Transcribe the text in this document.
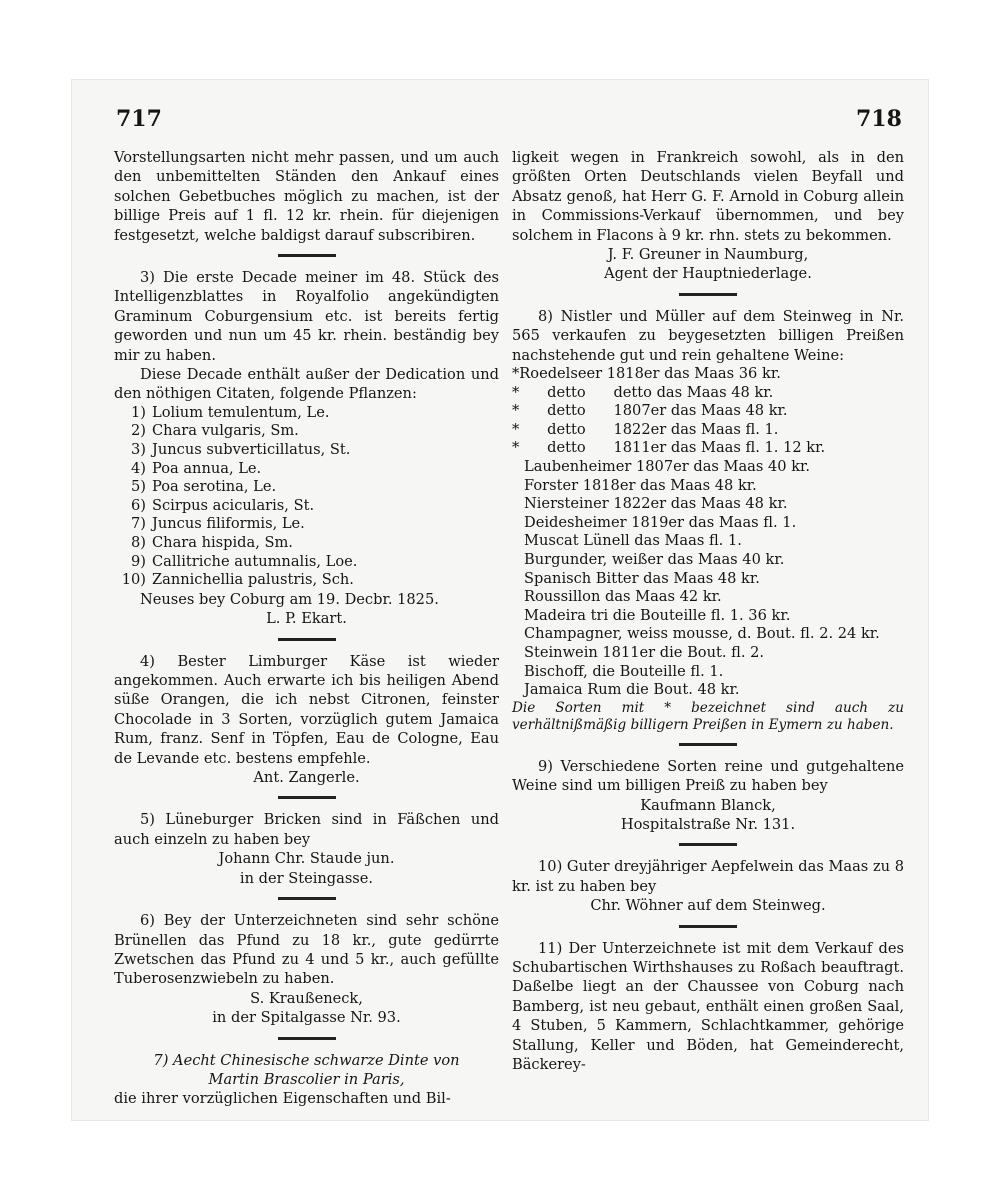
717	718

Vorstellungsarten nicht mehr passen, und um auch den unbemittelten Ständen den Ankauf eines solchen Gebetbuches möglich zu machen, ist der billige Preis auf 1 fl. 12 kr. rhein. für diejenigen festgesetzt, welche baldigst darauf subscribiren.

3) Die erste Decade meiner im 48. Stück des Intelligenzblattes in Royalfolio angekündigten Graminum Coburgensium etc. ist bereits fertig geworden und nun um 45 kr. rhein. beständig bey mir zu haben.

Diese Decade enthält außer der Dedication und den nöthigen Citaten, folgende Pflanzen:

1) Lolium temulentum, Le.
2) Chara vulgaris, Sm.
3) Juncus subverticillatus, St.
4) Poa annua, Le.
5) Poa serotina, Le.
6) Scirpus acicularis, St.
7) Juncus filiformis, Le.
8) Chara hispida, Sm.
9) Callitriche autumnalis, Loe.
10) Zannichellia palustris, Sch.

Neuses bey Coburg am 19. Decbr. 1825.

L. P. Ekart.

4) Bester Limburger Käse ist wieder angekommen. Auch erwarte ich bis heiligen Abend süße Orangen, die ich nebst Citronen, feinster Chocolade in 3 Sorten, vorzüglich gutem Jamaica Rum, franz. Senf in Töpfen, Eau de Cologne, Eau de Levande etc. bestens empfehle.

Ant. Zangerle.

5) Lüneburger Bricken sind in Fäßchen und auch einzeln zu haben bey

Johann Chr. Staude jun.
in der Steingasse.

6) Bey der Unterzeichneten sind sehr schöne Brünellen das Pfund zu 18 kr., gute gedürrte Zwetschen das Pfund zu 4 und 5 kr., auch gefüllte Tuberosenzwiebeln zu haben.

S. Kraußeneck,
in der Spitalgasse Nr. 93.
7) Aecht Chinesische schwarze Dinte von
Martin Brascolier in Paris,

die ihrer vorzüglichen Eigenschaften und Bil-

ligkeit wegen in Frankreich sowohl, als in den größten Orten Deutschlands vielen Beyfall und Absatz genoß, hat Herr G. F. Arnold in Coburg allein in Commissions-Verkauf übernommen, und bey solchem in Flacons à 9 kr. rhn. stets zu bekommen.

J. F. Greuner in Naumburg,
Agent der Hauptniederlage.

8) Nistler und Müller auf dem Steinweg in Nr. 565 verkaufen zu beygesetzten billigen Preißen nachstehende gut und rein gehaltene Weine:

*Roedelseer 1818er das Maas 36 kr.
*      detto      detto das Maas 48 kr.
*      detto      1807er das Maas 48 kr.
*      detto      1822er das Maas fl. 1.
*      detto      1811er das Maas fl. 1. 12 kr.
Laubenheimer 1807er das Maas 40 kr.
Forster 1818er das Maas 48 kr.
Niersteiner 1822er das Maas 48 kr.
Deidesheimer 1819er das Maas fl. 1.
Muscat Lünell das Maas fl. 1.
Burgunder, weißer das Maas 40 kr.
Spanisch Bitter das Maas 48 kr.
Roussillon das Maas 42 kr.
Madeira tri die Bouteille fl. 1. 36 kr.
Champagner, weiss mousse, d. Bout. fl. 2. 24 kr.
Steinwein 1811er die Bout. fl. 2.
Bischoff, die Bouteille fl. 1.
Jamaica Rum die Bout. 48 kr.

Die Sorten mit * bezeichnet sind auch zu verhältnißmäßig billigern Preißen in Eymern zu haben.

9) Verschiedene Sorten reine und gutgehaltene Weine sind um billigen Preiß zu haben bey

Kaufmann Blanck,
Hospitalstraße Nr. 131.

10) Guter dreyjähriger Aepfelwein das Maas zu 8 kr. ist zu haben bey

Chr. Wöhner auf dem Steinweg.

11) Der Unterzeichnete ist mit dem Verkauf des Schubartischen Wirthshauses zu Roßach beauftragt. Daßelbe liegt an der Chaussee von Coburg nach Bamberg, ist neu gebaut, enthält einen großen Saal, 4 Stuben, 5 Kammern, Schlachtkammer, gehörige Stallung, Keller und Böden, hat Gemeinderecht, Bäckerey-
